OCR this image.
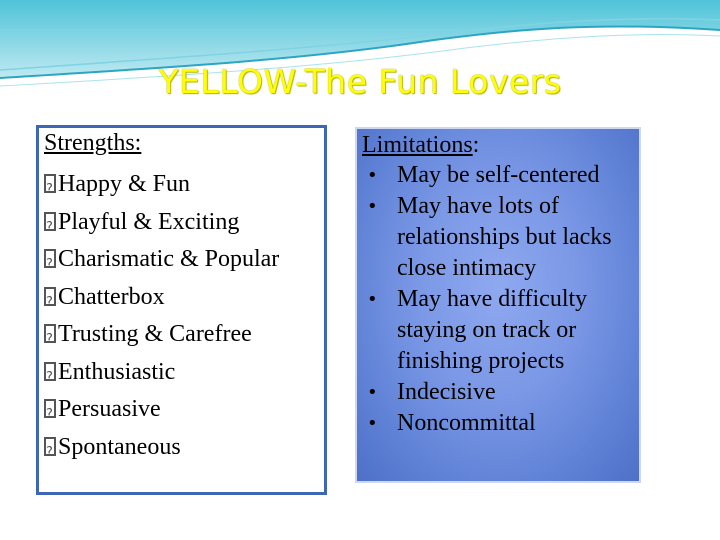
YELLOW-The Fun Lovers
Strengths:
?Happy & Fun
?Playful & Exciting
?Charismatic & Popular
?Chatterbox
?Trusting & Carefree
?Enthusiastic
?Persuasive
?Spontaneous
Limitations:
• May be self-centered
• May have lots of relationships but lacks close intimacy
• May have difficulty staying on track or finishing projects
• Indecisive
• Noncommittal
